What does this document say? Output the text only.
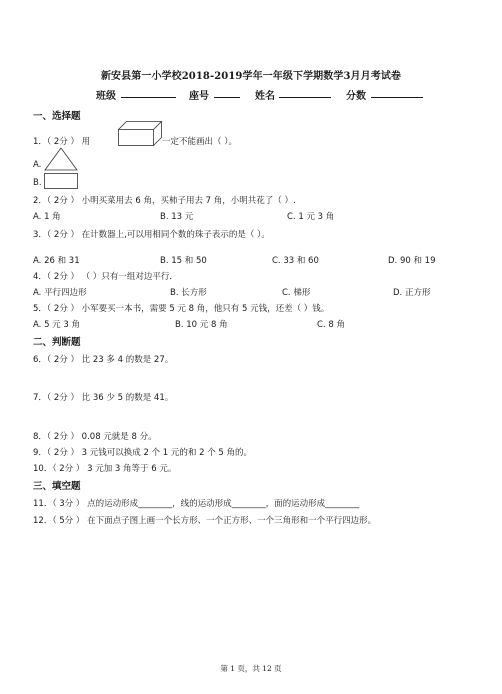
新安县第一小学校2018-2019学年一年级下学期数学3月月考试卷
班级	座号	姓名	分数
一、选择题
1．（ 2分 ） 用	一定不能画出（ ）。
A.
B.
2．（ 2分 ） 小明买菜用去 6 角，买柿子用去 7 角，小明共花了（ ）.
A. 1 角	B. 13 元	C. 1 元 3 角
3．（ 2分 ） 在计数器上,可以用相同个数的珠子表示的是（ ）。
A. 26 和 31	B. 15 和 50	C. 33 和 60	D. 90 和 19
4．（ 2分 ） （ ）只有一组对边平行．
A. 平行四边形	B. 长方形	C. 梯形	D. 正方形
5．（ 2分 ） 小军要买一本书，需要 5 元 8 角，他只有 5 元钱，还差（ ）钱。
A. 5 元 3 角	B. 10 元 8 角	C. 8 角
二、判断题
6．（ 2分 ） 比 23 多 4 的数是 27。
7．（ 2分 ） 比 36 少 5 的数是 41。
8．（ 2分 ） 0.08 元就是 8 分。
9．（ 2分 ） 3 元钱可以换成 2 个 1 元的和 2 个 5 角的。
10．（ 2分 ） 3 元加 3 角等于 6 元。
三、填空题
11．（ 3分 ） 点的运动形成________，线的运动形成________，面的运动形成________
12．（ 5分 ） 在下面点子图上画一个长方形、一个正方形、一个三角形和一个平行四边形。
第 1 页，共 12 页
